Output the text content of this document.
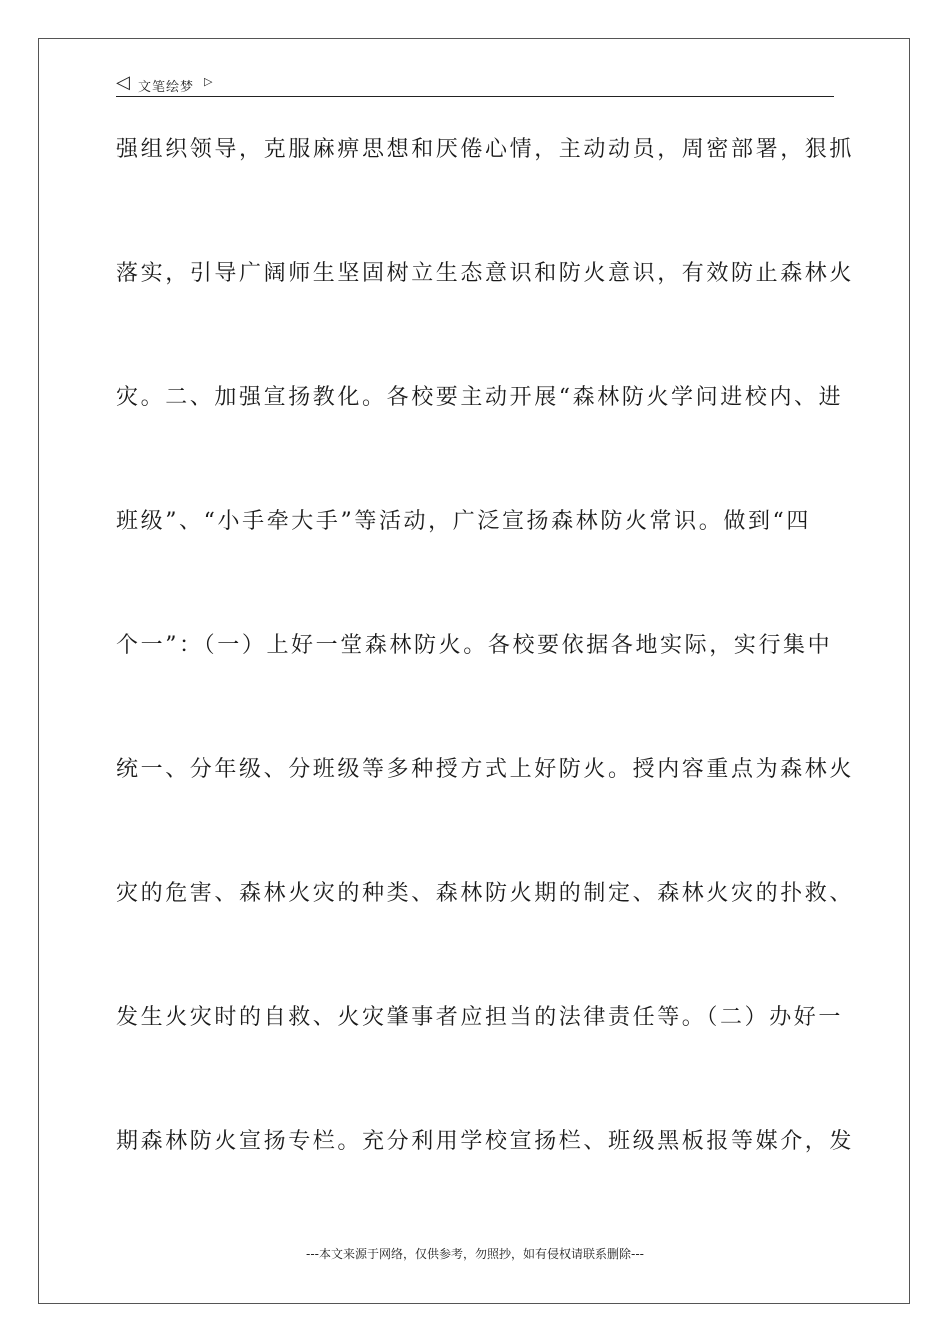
◁ 文笔绘梦 ▷
强组织领导，克服麻痹思想和厌倦心情，主动动员，周密部署，狠抓
落实，引导广阔师生坚固树立生态意识和防火意识，有效防止森林火
灾。二、加强宣扬教化。各校要主动开展“森林防火学问进校内、进
班级”、“小手牵大手”等活动，广泛宣扬森林防火常识。做到“四
个一”：（一）上好一堂森林防火。各校要依据各地实际，实行集中
统一、分年级、分班级等多种授方式上好防火。授内容重点为森林火
灾的危害、森林火灾的种类、森林防火期的制定、森林火灾的扑救、
发生火灾时的自救、火灾肇事者应担当的法律责任等。（二）办好一
期森林防火宣扬专栏。充分利用学校宣扬栏、班级黑板报等媒介，发
---本文来源于网络，仅供参考，勿照抄，如有侵权请联系删除---
